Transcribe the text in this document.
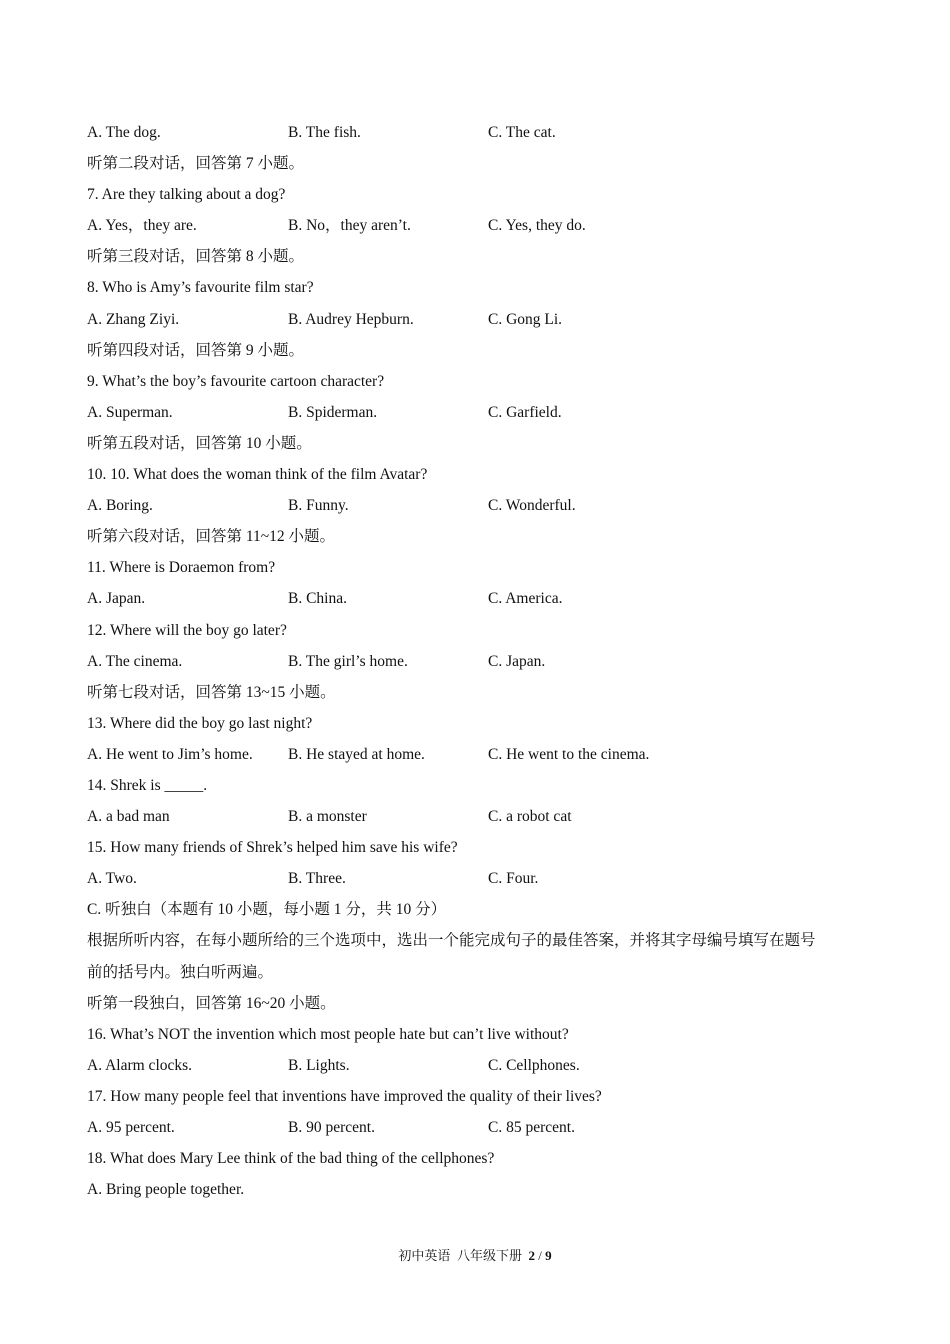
A. The dog.	B. The fish.	C. The cat.
听第二段对话，回答第 7 小题。
7. Are they talking about a dog?
A. Yes，they are.	B. No，they aren’t.	C. Yes, they do.
听第三段对话，回答第 8 小题。
8. Who is Amy’s favourite film star?
A. Zhang Ziyi.	B. Audrey Hepburn.	C. Gong Li.
听第四段对话，回答第 9 小题。
9. What’s the boy’s favourite cartoon character?
A. Superman.	B. Spiderman.	C. Garfield.
听第五段对话，回答第 10 小题。
10. 10. What does the woman think of the film Avatar?
A. Boring.	B. Funny.	C. Wonderful.
听第六段对话，回答第 11~12 小题。
11. Where is Doraemon from?
A. Japan.	B. China.	C. America.
12. Where will the boy go later?
A. The cinema.	B. The girl’s home.	C. Japan.
听第七段对话，回答第 13~15 小题。
13. Where did the boy go last night?
A. He went to Jim’s home. B. He stayed at home.	C. He went to the cinema.
14. Shrek is _____.
A. a bad man	B. a monster	C. a robot cat
15. How many friends of Shrek’s helped him save his wife?
A. Two.	B. Three.	C. Four.
C. 听独白（本题有 10 小题，每小题 1 分，共 10 分）
根据所听内容，在每小题所给的三个选项中，选出一个能完成句子的最佳答案，并将其字母编号填写在题号
前的括号内。独白听两遍。
听第一段独白，回答第 16~20 小题。
16. What’s NOT the invention which most people hate but can’t live without?
A. Alarm clocks.	B. Lights.	C. Cellphones.
17. How many people feel that inventions have improved the quality of their lives?
A. 95 percent.	B. 90 percent.	C. 85 percent.
18. What does Mary Lee think of the bad thing of the cellphones?
A. Bring people together.
初中英语 八年级下册 2 / 9
